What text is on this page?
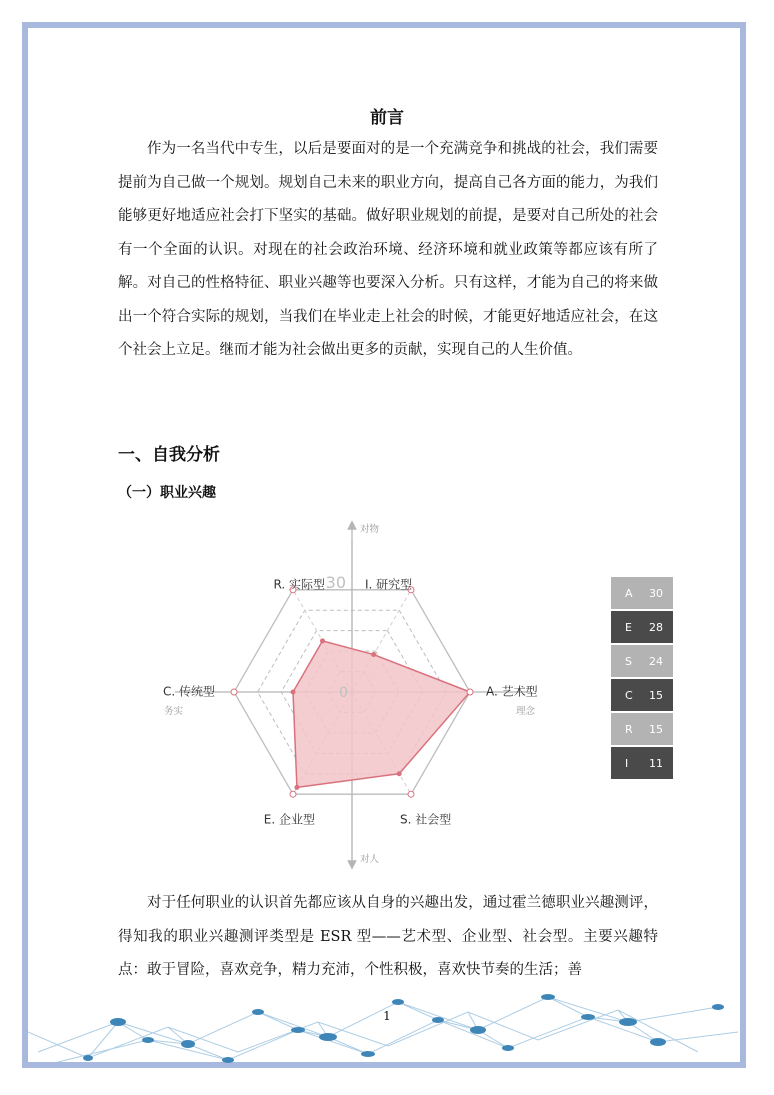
前言

作为一名当代中专生，以后是要面对的是一个充满竞争和挑战的社会，我们需要提前为自己做一个规划。规划自己未来的职业方向，提高自己各方面的能力，为我们能够更好地适应社会打下坚实的基础。做好职业规划的前提，是要对自己所处的社会有一个全面的认识。对现在的社会政治环境、经济环境和就业政策等都应该有所了解。对自己的性格特征、职业兴趣等也要深入分析。只有这样，才能为自己的将来做出一个符合实际的规划，当我们在毕业走上社会的时候，才能更好地适应社会，在这个社会上立足。继而才能为社会做出更多的贡献，实现自己的人生价值。

一、自我分析
（一）职业兴趣
I. 研究型
A. 艺术型
S. 社会型
E. 企业型
C. 传统型
R. 实际型 30
0
对物
对人
务实	理念
A 30
E 28
S 24
C 15
R 15
I 11

对于任何职业的认识首先都应该从自身的兴趣出发，通过霍兰德职业兴趣测评，得知我的职业兴趣测评类型是 ESR 型——艺术型、企业型、社会型。主要兴趣特点：敢于冒险，喜欢竞争，精力充沛，个性积极，喜欢快节奏的生活；善

1
